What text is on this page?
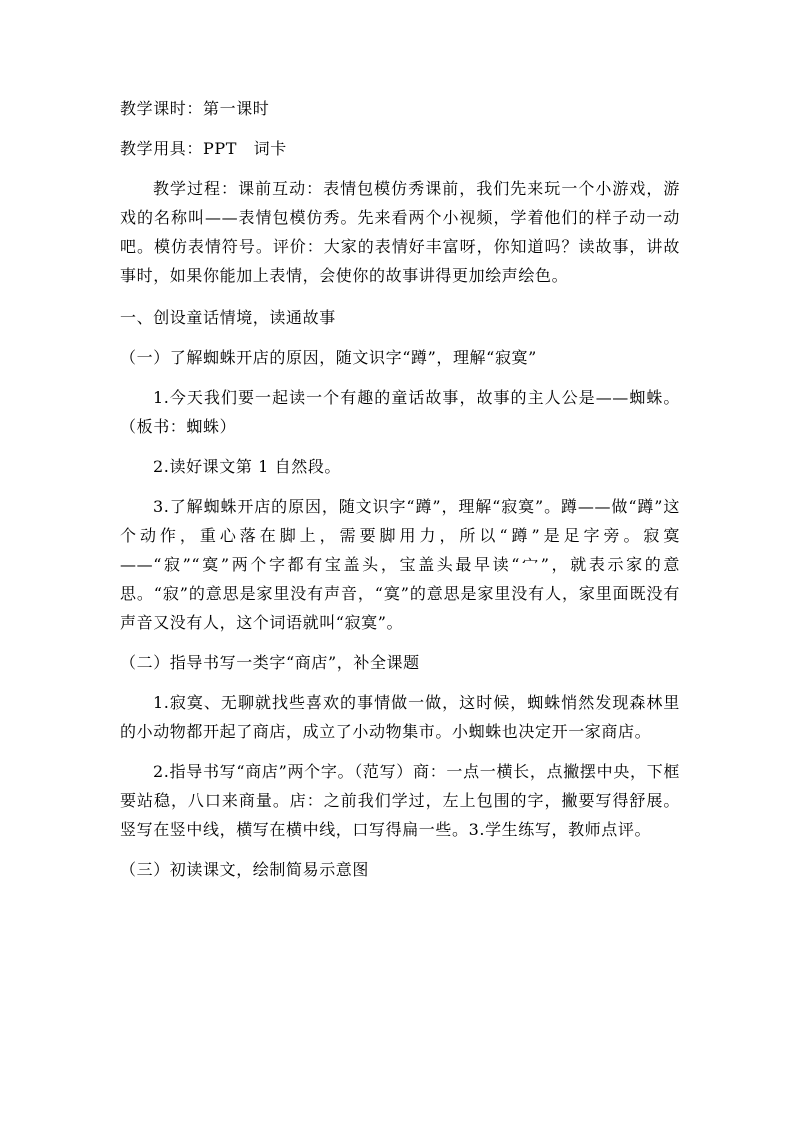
教学课时：第一课时

教学用具：PPT　词卡

教学过程：课前互动：表情包模仿秀课前，我们先来玩一个小游戏，游戏的名称叫——表情包模仿秀。先来看两个小视频，学着他们的样子动一动吧。模仿表情符号。评价：大家的表情好丰富呀，你知道吗？读故事，讲故事时，如果你能加上表情，会使你的故事讲得更加绘声绘色。

一、创设童话情境，读通故事

（一）了解蜘蛛开店的原因，随文识字“蹲”，理解“寂寞”

1.今天我们要一起读一个有趣的童话故事，故事的主人公是——蜘蛛。（板书：蜘蛛）

2.读好课文第 1 自然段。

3.了解蜘蛛开店的原因，随文识字“蹲”，理解“寂寞”。蹲——做“蹲”这个动作，重心落在脚上，需要脚用力，所以“蹲”是足字旁。寂寞——“寂”“寞”两个字都有宝盖头，宝盖头最早读“宀”，就表示家的意思。“寂”的意思是家里没有声音，“寞”的意思是家里没有人，家里面既没有声音又没有人，这个词语就叫“寂寞”。

（二）指导书写一类字“商店”，补全课题

1.寂寞、无聊就找些喜欢的事情做一做，这时候，蜘蛛悄然发现森林里的小动物都开起了商店，成立了小动物集市。小蜘蛛也决定开一家商店。

2.指导书写“商店”两个字。（范写）商：一点一横长，点撇摆中央，下框要站稳，八口来商量。店：之前我们学过，左上包围的字，撇要写得舒展。竖写在竖中线，横写在横中线，口写得扁一些。3.学生练写，教师点评。

（三）初读课文，绘制简易示意图
